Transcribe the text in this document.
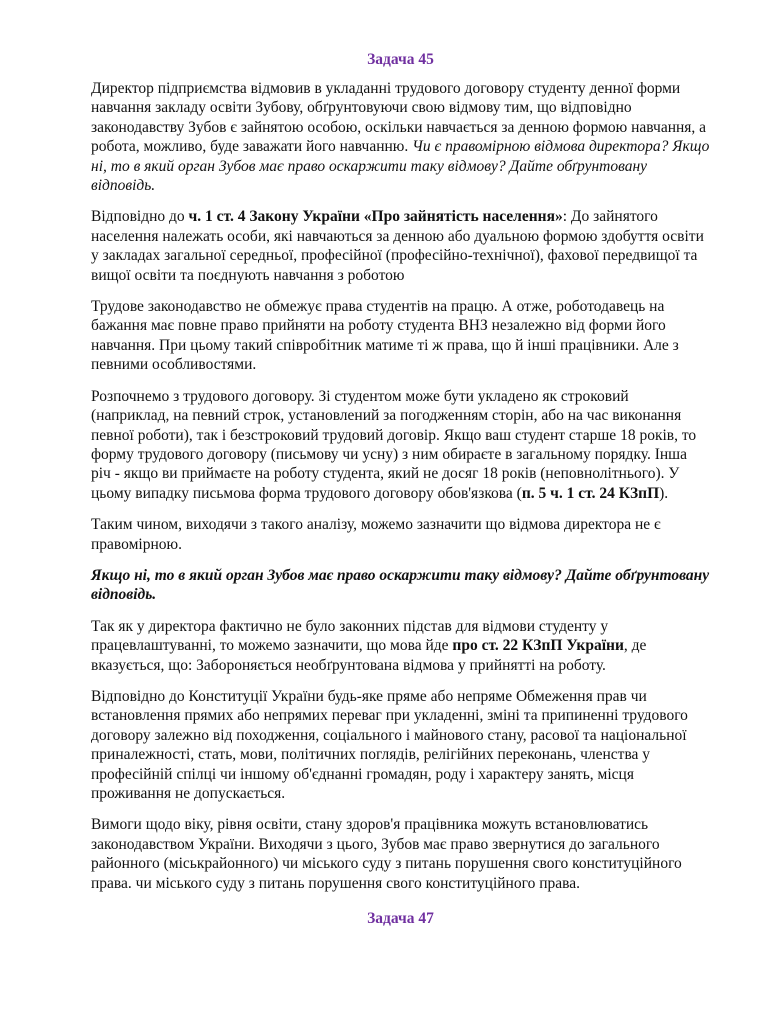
Задача 45

Директор підприємства відмовив в укладанні трудового договору студенту денної форми навчання закладу освіти Зубову, обґрунтовуючи свою відмову тим, що відповідно законодавству Зубов є зайнятою особою, оскільки навчається за денною формою навчання, а робота, можливо, буде заважати його навчанню. Чи є правомірною відмова директора? Якщо ні, то в який орган Зубов має право оскаржити таку відмову? Дайте обґрунтовану відповідь.

Відповідно до ч. 1 ст. 4 Закону України «Про зайнятість населення»: До зайнятого населення належать особи, які навчаються за денною або дуальною формою здобуття освіти у закладах загальної середньої, професійної (професійно-технічної), фахової передвищої та вищої освіти та поєднують навчання з роботою

Трудове законодавство не обмежує права студентів на працю. А отже, роботодавець на бажання має повне право прийняти на роботу студента ВНЗ незалежно від форми його навчання. При цьому такий співробітник матиме ті ж права, що й інші працівники. Але з певними особливостями.

Розпочнемо з трудового договору. Зі студентом може бути укладено як строковий (наприклад, на певний строк, установлений за погодженням сторін, або на час виконання певної роботи), так і безстроковий трудовий договір. Якщо ваш студент старше 18 років, то форму трудового договору (письмову чи усну) з ним обираєте в загальному порядку. Інша річ - якщо ви приймаєте на роботу студента, який не досяг 18 років (неповнолітнього). У цьому випадку письмова форма трудового договору обов'язкова (п. 5 ч. 1 ст. 24 КЗпП).

Таким чином, виходячи з такого аналізу, можемо зазначити що відмова директора не є правомірною.

Якщо ні, то в який орган Зубов має право оскаржити таку відмову? Дайте обґрунтовану відповідь.

Так як у директора фактично не було законних підстав для відмови студенту у працевлаштуванні, то можемо зазначити, що мова йде про ст. 22 КЗпП України, де вказується, що: Забороняється необґрунтована відмова у прийнятті на роботу.

Відповідно до Конституції України будь-яке пряме або непряме Обмеження прав чи встановлення прямих або непрямих переваг при укладенні, зміні та припиненні трудового договору залежно від походження, соціального і майнового стану, расової та національної приналежності, стать, мови, політичних поглядів, релігійних переконань, членства у професійній спілці чи іншому об'єднанні громадян, роду і характеру занять, місця проживання не допускається.

Вимоги щодо віку, рівня освіти, стану здоров'я працівника можуть встановлюватись законодавством України. Виходячи з цього, Зубов має право звернутися до загального районного (міськрайонного) чи міського суду з питань порушення свого конституційного права. чи міського суду з питань порушення свого конституційного права.

Задача 47
